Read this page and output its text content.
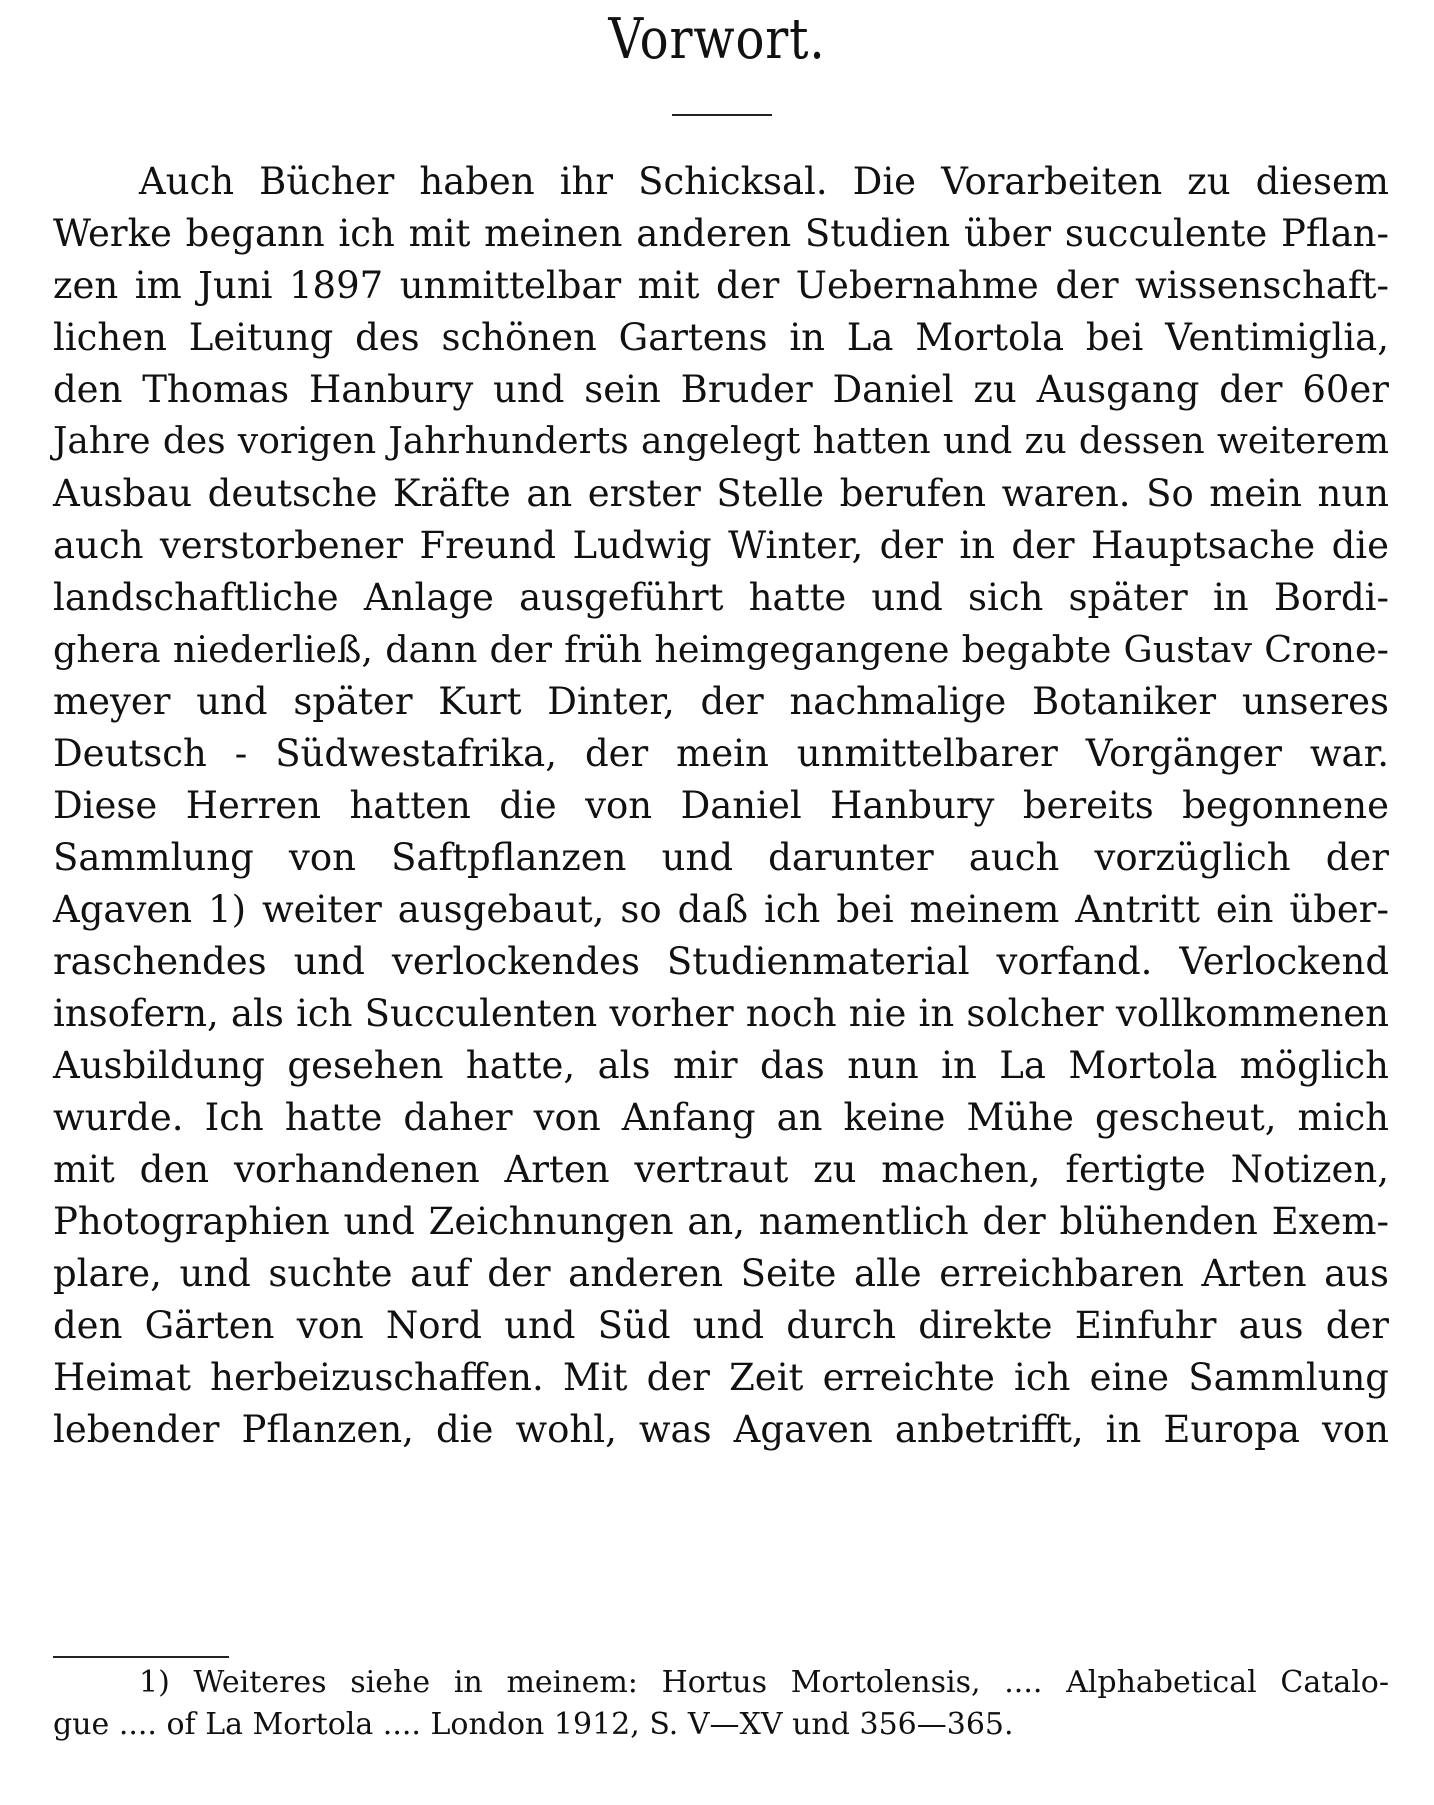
Vorwort.
Auch Bücher haben ihr Schicksal. Die Vorarbeiten zu diesem
Werke begann ich mit meinen anderen Studien über succulente Pflan-
zen im Juni 1897 unmittelbar mit der Uebernahme der wissenschaft-
lichen Leitung des schönen Gartens in La Mortola bei Ventimiglia,
den Thomas Hanbury und sein Bruder Daniel zu Ausgang der 60er
Jahre des vorigen Jahrhunderts angelegt hatten und zu dessen weiterem
Ausbau deutsche Kräfte an erster Stelle berufen waren. So mein nun
auch verstorbener Freund Ludwig Winter, der in der Hauptsache die
landschaftliche Anlage ausgeführt hatte und sich später in Bordi-
ghera niederließ, dann der früh heimgegangene begabte Gustav Crone-
meyer und später Kurt Dinter, der nachmalige Botaniker unseres
Deutsch - Südwestafrika, der mein unmittelbarer Vorgänger war.
Diese Herren hatten die von Daniel Hanbury bereits begonnene
Sammlung von Saftpflanzen und darunter auch vorzüglich der
Agaven 1) weiter ausgebaut, so daß ich bei meinem Antritt ein über-
raschendes und verlockendes Studienmaterial vorfand. Verlockend
insofern, als ich Succulenten vorher noch nie in solcher vollkommenen
Ausbildung gesehen hatte, als mir das nun in La Mortola möglich
wurde. Ich hatte daher von Anfang an keine Mühe gescheut, mich
mit den vorhandenen Arten vertraut zu machen, fertigte Notizen,
Photographien und Zeichnungen an, namentlich der blühenden Exem-
plare, und suchte auf der anderen Seite alle erreichbaren Arten aus
den Gärten von Nord und Süd und durch direkte Einfuhr aus der
Heimat herbeizuschaffen. Mit der Zeit erreichte ich eine Sammlung
lebender Pflanzen, die wohl, was Agaven anbetrifft, in Europa von
1) Weiteres siehe in meinem: Hortus Mortolensis, .... Alphabetical Catalo-
gue .... of La Mortola .... London 1912, S. V—XV und 356—365.
